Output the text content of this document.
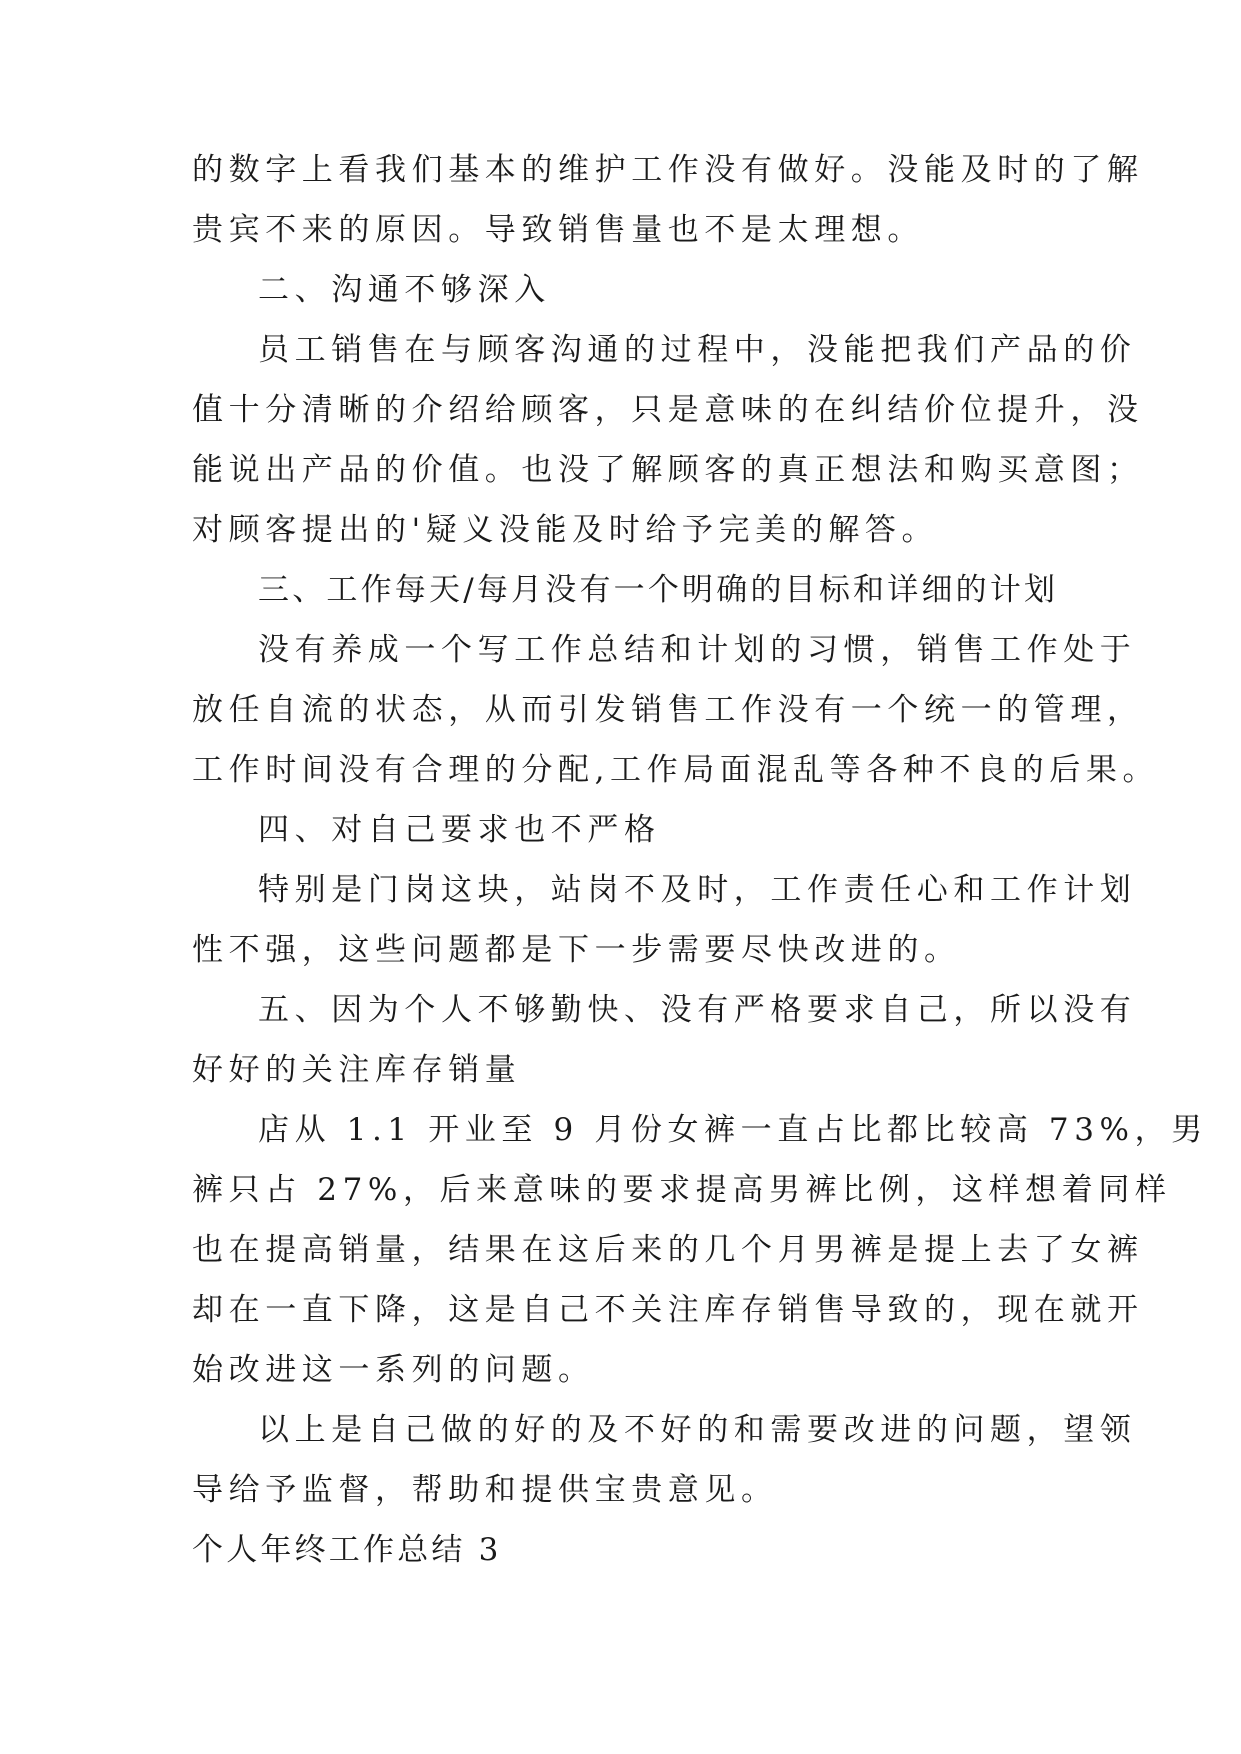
的数字上看我们基本的维护工作没有做好。没能及时的了解
贵宾不来的原因。导致销售量也不是太理想。
二、沟通不够深入
员工销售在与顾客沟通的过程中，没能把我们产品的价
值十分清晰的介绍给顾客，只是意味的在纠结价位提升，没
能说出产品的价值。也没了解顾客的真正想法和购买意图；
对顾客提出的'疑义没能及时给予完美的解答。
三、工作每天/每月没有一个明确的目标和详细的计划
没有养成一个写工作总结和计划的习惯，销售工作处于
放任自流的状态，从而引发销售工作没有一个统一的管理，
工作时间没有合理的分配,工作局面混乱等各种不良的后果。
四、对自己要求也不严格
特别是门岗这块，站岗不及时，工作责任心和工作计划
性不强，这些问题都是下一步需要尽快改进的。
五、因为个人不够勤快、没有严格要求自己，所以没有
好好的关注库存销量
店从 1.1 开业至 9 月份女裤一直占比都比较高 73%，男
裤只占 27%，后来意味的要求提高男裤比例，这样想着同样
也在提高销量，结果在这后来的几个月男裤是提上去了女裤
却在一直下降，这是自己不关注库存销售导致的，现在就开
始改进这一系列的问题。
以上是自己做的好的及不好的和需要改进的问题，望领
导给予监督，帮助和提供宝贵意见。
个人年终工作总结 3
